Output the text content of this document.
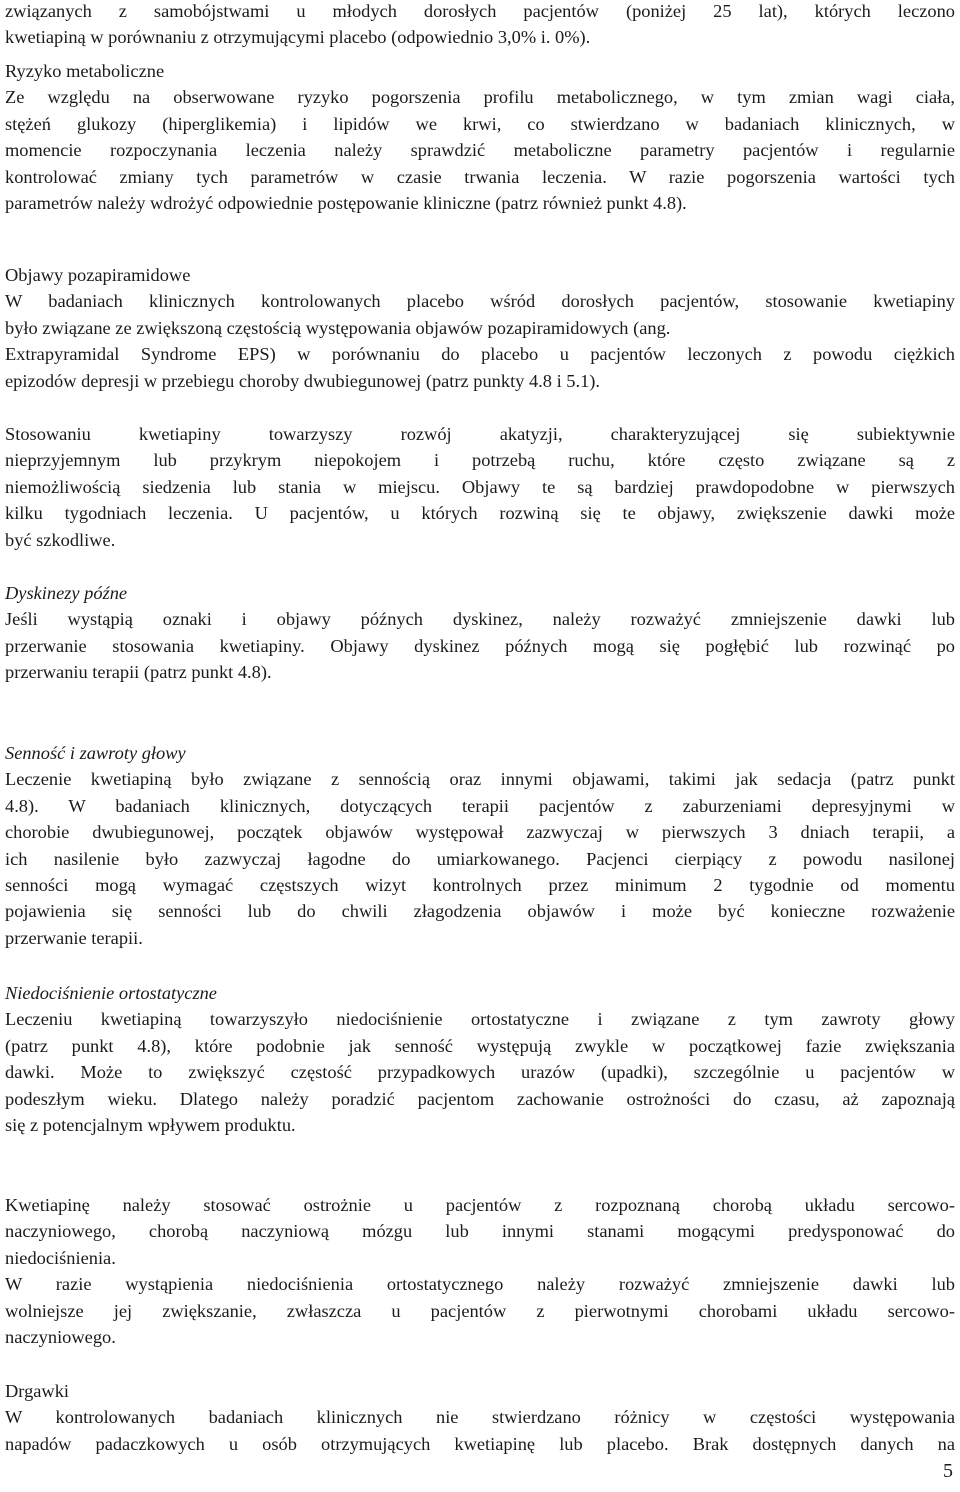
związanych z samobójstwami u młodych dorosłych pacjentów (poniżej 25 lat), których leczono
kwetiapiną w porównaniu z otrzymującymi placebo (odpowiednio 3,0% i. 0%).
Ryzyko metaboliczne
Ze względu na obserwowane ryzyko pogorszenia profilu metabolicznego, w tym zmian wagi ciała,
stężeń glukozy (hiperglikemia) i lipidów we krwi, co stwierdzano w badaniach klinicznych, w
momencie rozpoczynania leczenia należy sprawdzić metaboliczne parametry pacjentów i regularnie
kontrolować zmiany tych parametrów w czasie trwania leczenia. W razie pogorszenia wartości tych
parametrów należy wdrożyć odpowiednie postępowanie kliniczne (patrz również punkt 4.8).
Objawy pozapiramidowe
W badaniach klinicznych kontrolowanych placebo wśród dorosłych pacjentów, stosowanie kwetiapiny
było związane ze zwiększoną częstością występowania objawów pozapiramidowych (ang.
Extrapyramidal Syndrome EPS) w porównaniu do placebo u pacjentów leczonych z powodu ciężkich
epizodów depresji w przebiegu choroby dwubiegunowej (patrz punkty 4.8 i 5.1).
Stosowaniu kwetiapiny towarzyszy rozwój akatyzji, charakteryzującej się subiektywnie
nieprzyjemnym lub przykrym niepokojem i potrzebą ruchu, które często związane są z
niemożliwością siedzenia lub stania w miejscu. Objawy te są bardziej prawdopodobne w pierwszych
kilku tygodniach leczenia. U pacjentów, u których rozwiną się te objawy, zwiększenie dawki może
być szkodliwe.
Dyskinezy późne
Jeśli wystąpią oznaki i objawy późnych dyskinez, należy rozważyć zmniejszenie dawki lub
przerwanie stosowania kwetiapiny. Objawy dyskinez późnych mogą się pogłębić lub rozwinąć po
przerwaniu terapii (patrz punkt 4.8).
Senność i zawroty głowy
Leczenie kwetiapiną było związane z sennością oraz innymi objawami, takimi jak sedacja (patrz punkt
4.8). W badaniach klinicznych, dotyczących terapii pacjentów z zaburzeniami depresyjnymi w
chorobie dwubiegunowej, początek objawów występował zazwyczaj w pierwszych 3 dniach terapii, a
ich nasilenie było zazwyczaj łagodne do umiarkowanego. Pacjenci cierpiący z powodu nasilonej
senności mogą wymagać częstszych wizyt kontrolnych przez minimum 2 tygodnie od momentu
pojawienia się senności lub do chwili złagodzenia objawów i może być konieczne rozważenie
przerwanie terapii.
Niedociśnienie ortostatyczne
Leczeniu kwetiapiną towarzyszyło niedociśnienie ortostatyczne i związane z tym zawroty głowy
(patrz punkt 4.8), które podobnie jak senność występują zwykle w początkowej fazie zwiększania
dawki. Może to zwiększyć częstość przypadkowych urazów (upadki), szczególnie u pacjentów w
podeszłym wieku. Dlatego należy poradzić pacjentom zachowanie ostrożności do czasu, aż zapoznają
się z potencjalnym wpływem produktu.
Kwetiapinę należy stosować ostrożnie u pacjentów z rozpoznaną chorobą układu sercowo-
naczyniowego, chorobą naczyniową mózgu lub innymi stanami mogącymi predysponować do
niedociśnienia.
W razie wystąpienia niedociśnienia ortostatycznego należy rozważyć zmniejszenie dawki lub
wolniejsze jej zwiększanie, zwłaszcza u pacjentów z pierwotnymi chorobami układu sercowo-
naczyniowego.
Drgawki
W kontrolowanych badaniach klinicznych nie stwierdzano różnicy w częstości występowania
napadów padaczkowych u osób otrzymujących kwetiapinę lub placebo. Brak dostępnych danych na
5
